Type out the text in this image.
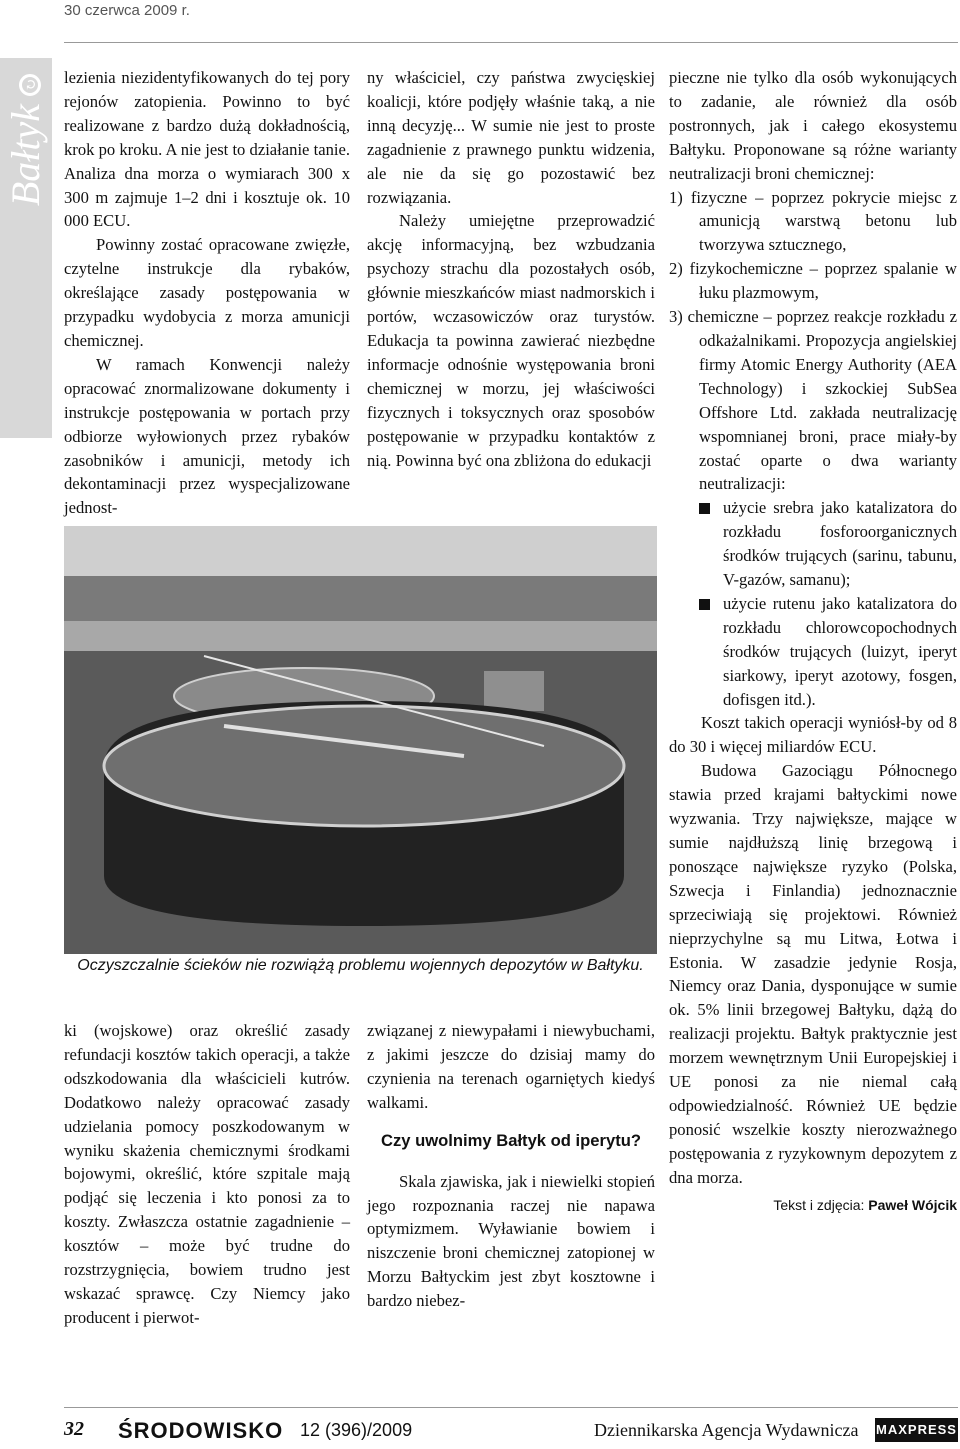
30 czerwca 2009 r.
Bałtyk↻	lezienia niezidentyfikowanych do tej pory rejonów zatopienia. Powinno to być realizowane z bardzo dużą dokładnością, krok po kroku. A nie jest to działanie tanie. Analiza dna morza o wymiarach 300 x 300 m zajmuje 1–2 dni i kosztuje ok. 10 000 ECU.

Powinny zostać opracowane zwięzłe, czytelne instrukcje dla rybaków, określające zasady postępowania w przypadku wydobycia z morza amunicji chemicznej.

W ramach Konwencji należy opracować znormalizowane dokumenty i instrukcje postępowania w portach przy odbiorze wyłowionych przez rybaków zasobników i amunicji, metody ich dekontaminacji przez wyspecjalizowane jednost-

ny właściciel, czy państwa zwycięskiej koalicji, które podjęły właśnie taką, a nie inną decyzję... W sumie nie jest to proste zagadnienie z prawnego punktu widzenia, ale nie da się go pozostawić bez rozwiązania.

Należy umiejętne przeprowadzić akcję informacyjną, bez wzbudzania psychozy strachu dla pozostałych osób, głównie mieszkańców miast nadmorskich i portów, wczasowiczów oraz turystów. Edukacja ta powinna zawierać niezbędne informacje odnośnie występowania broni chemicznej w morzu, jej właściwości fizycznych i toksycznych oraz sposobów postępowanie w przypadku kontaktów z nią. Powinna być ona zbliżona do edukacji

pieczne nie tylko dla osób wykonujących to zadanie, ale również dla osób postronnych, jak i całego ekosystemu Bałtyku. Proponowane są różne warianty neutralizacji broni chemicznej:

1) fizyczne – poprzez pokrycie miejsc z amunicją warstwą betonu lub tworzywa sztucznego,
2) fizykochemiczne – poprzez spalanie w łuku plazmowym,
3) chemiczne – poprzez reakcje rozkładu z odkażalnikami. Propozycja angielskiej firmy Atomic Energy Authority (AEA Technology) i szkockiej SubSea Offshore Ltd. zakłada neutralizację wspomnianej broni, prace miały-by zostać oparte o dwa warianty neutralizacji:
użycie srebra jako katalizatora do rozkładu fosforoorganicznych środków trujących (sarinu, tabunu, V-gazów, samanu);
użycie rutenu jako katalizatora do rozkładu chlorowcopochodnych środków trujących (luizyt, iperyt siarkowy, iperyt azotowy, fosgen, dofisgen itd.).

Koszt takich operacji wyniósł-by od 8 do 30 i więcej miliardów ECU.

Budowa Gazociągu Północnego stawia przed krajami bałtyckimi nowe wyzwania. Trzy największe, mające w sumie najdłuższą linię brzegową i ponoszące największe ryzyko (Polska, Szwecja i Finlandia) jednoznacznie sprzeciwiają się projektowi. Również nieprzychylne są mu Litwa, Łotwa i Estonia. W zasadzie jedynie Rosja, Niemcy oraz Dania, dysponujące w sumie ok. 5% linii brzegowej Bałtyku, dążą do realizacji projektu. Bałtyk praktycznie jest morzem wewnętrznym Unii Europejskiej i UE ponosi za nie niemal całą odpowiedzialność. Również UE będzie ponosić wszelkie koszty nierozważnego postępowania z ryzykownym depozytem z dna morza.

Tekst i zdjęcia: Paweł Wójcik
Oczyszczalnie ścieków nie rozwiążą problemu wojennych depozytów w Bałtyku.

ki (wojskowe) oraz określić zasady refundacji kosztów takich operacji, a także odszkodowania dla właścicieli kutrów. Dodatkowo należy opracować zasady udzielania pomocy poszkodowanym w wyniku skażenia chemicznymi środkami bojowymi, określić, które szpitale mają podjąć się leczenia i kto ponosi za to koszty. Zwłaszcza ostatnie zagadnienie – kosztów – może być trudne do rozstrzygnięcia, bowiem trudno jest wskazać sprawcę. Czy Niemcy jako producent i pierwot-

związanej z niewypałami i niewybuchami, z jakimi jeszcze do dzisiaj mamy do czynienia na terenach ogarniętych kiedyś walkami.

Czy uwolnimy Bałtyk od iperytu?

Skala zjawiska, jak i niewielki stopień jego rozpoznania raczej nie napawa optymizmem. Wyławianie bowiem i niszczenie broni chemicznej zatopionej w Morzu Bałtyckim jest zbyt kosztowne i bardzo niebez-

32 ŚRODOWISKO 12 (396)/2009	Dziennikarska Agencja Wydawnicza MAXPRESS
